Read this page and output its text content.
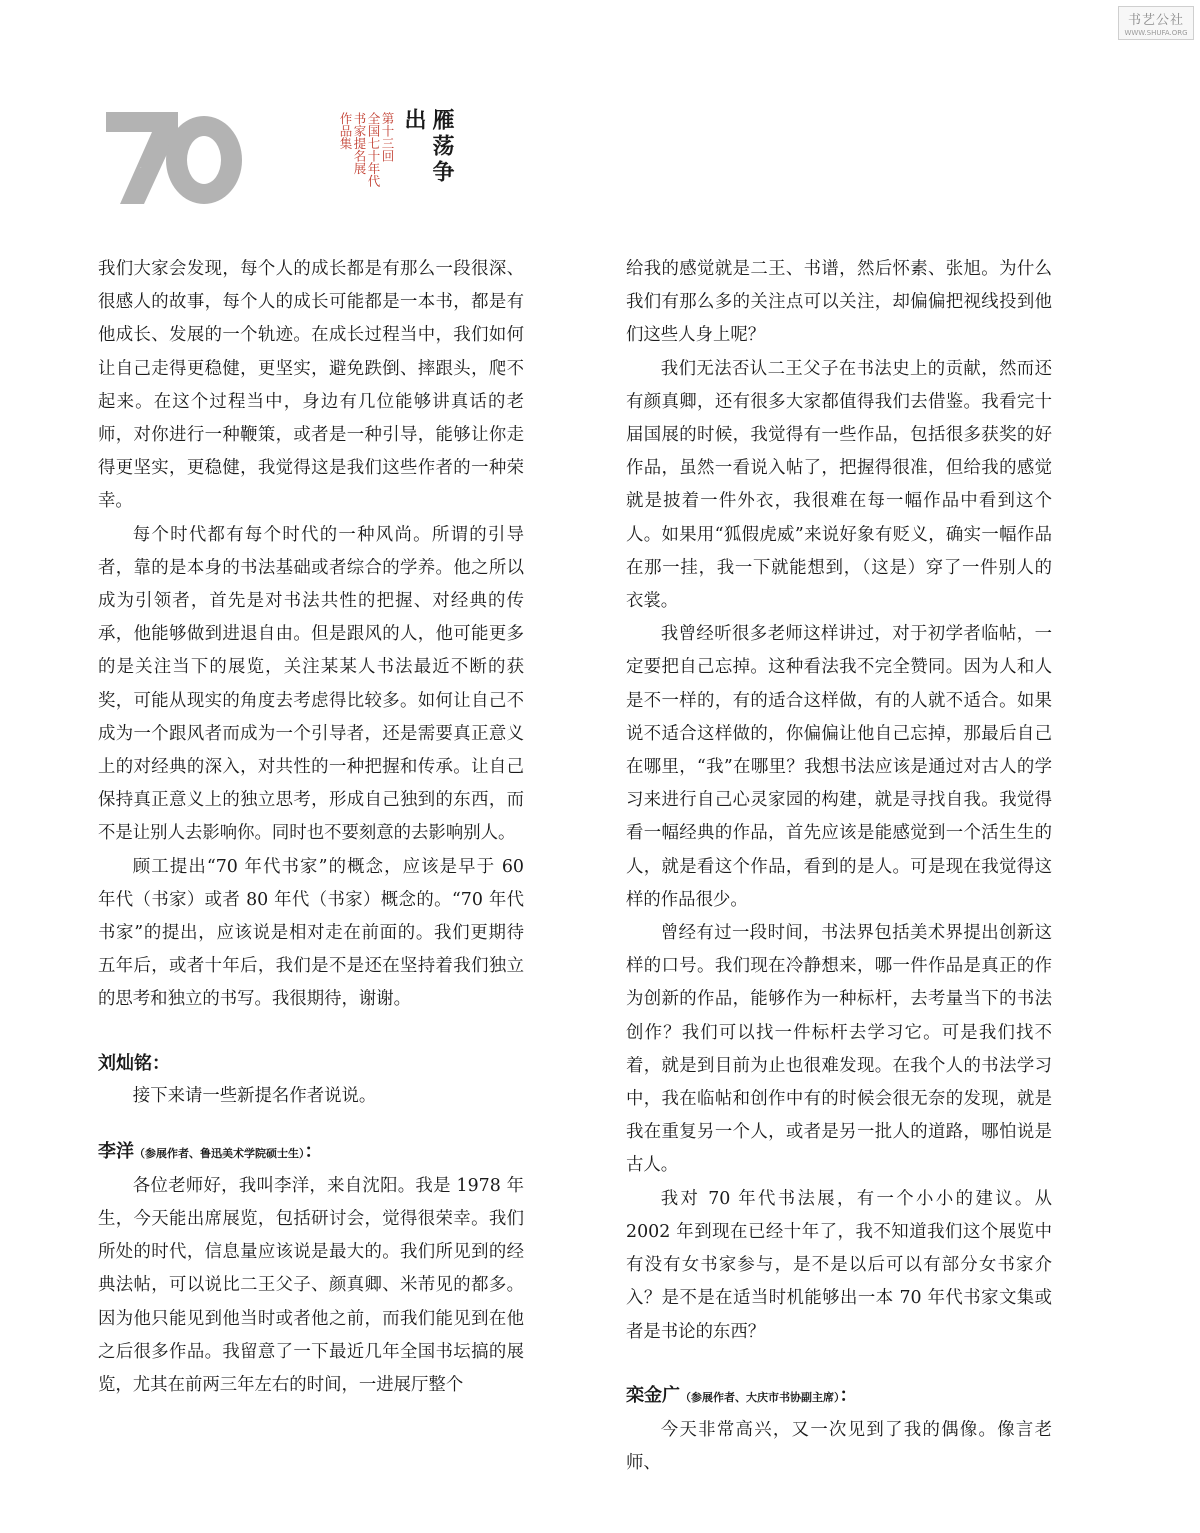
书艺公社
WWW.SHUFA.ORG
70
第十三回
全国七十年代
书家提名展
作品集	雁荡争出

我们大家会发现，每个人的成长都是有那么一段很深、很感人的故事，每个人的成长可能都是一本书，都是有他成长、发展的一个轨迹。在成长过程当中，我们如何让自己走得更稳健，更坚实，避免跌倒、摔跟头，爬不起来。在这个过程当中，身边有几位能够讲真话的老师，对你进行一种鞭策，或者是一种引导，能够让你走得更坚实，更稳健，我觉得这是我们这些作者的一种荣幸。

每个时代都有每个时代的一种风尚。所谓的引导者，靠的是本身的书法基础或者综合的学养。他之所以成为引领者，首先是对书法共性的把握、对经典的传承，他能够做到进退自由。但是跟风的人，他可能更多的是关注当下的展览，关注某某人书法最近不断的获奖，可能从现实的角度去考虑得比较多。如何让自己不成为一个跟风者而成为一个引导者，还是需要真正意义上的对经典的深入，对共性的一种把握和传承。让自己保持真正意义上的独立思考，形成自己独到的东西，而不是让别人去影响你。同时也不要刻意的去影响别人。

顾工提出“70 年代书家”的概念，应该是早于 60 年代（书家）或者 80 年代（书家）概念的。“70 年代书家”的提出，应该说是相对走在前面的。我们更期待五年后，或者十年后，我们是不是还在坚持着我们独立的思考和独立的书写。我很期待，谢谢。

刘灿铭：

接下来请一些新提名作者说说。

李洋（参展作者、鲁迅美术学院硕士生）：

各位老师好，我叫李洋，来自沈阳。我是 1978 年生，今天能出席展览，包括研讨会，觉得很荣幸。我们所处的时代，信息量应该说是最大的。我们所见到的经典法帖，可以说比二王父子、颜真卿、米芾见的都多。因为他只能见到他当时或者他之前，而我们能见到在他之后很多作品。我留意了一下最近几年全国书坛搞的展览，尤其在前两三年左右的时间，一进展厅整个

给我的感觉就是二王、书谱，然后怀素、张旭。为什么我们有那么多的关注点可以关注，却偏偏把视线投到他们这些人身上呢？

我们无法否认二王父子在书法史上的贡献，然而还有颜真卿，还有很多大家都值得我们去借鉴。我看完十届国展的时候，我觉得有一些作品，包括很多获奖的好作品，虽然一看说入帖了，把握得很准，但给我的感觉就是披着一件外衣，我很难在每一幅作品中看到这个人。如果用“狐假虎威”来说好象有贬义，确实一幅作品在那一挂，我一下就能想到，（这是）穿了一件别人的衣裳。

我曾经听很多老师这样讲过，对于初学者临帖，一定要把自己忘掉。这种看法我不完全赞同。因为人和人是不一样的，有的适合这样做，有的人就不适合。如果说不适合这样做的，你偏偏让他自己忘掉，那最后自己在哪里，“我”在哪里？我想书法应该是通过对古人的学习来进行自己心灵家园的构建，就是寻找自我。我觉得看一幅经典的作品，首先应该是能感觉到一个活生生的人，就是看这个作品，看到的是人。可是现在我觉得这样的作品很少。

曾经有过一段时间，书法界包括美术界提出创新这样的口号。我们现在冷静想来，哪一件作品是真正的作为创新的作品，能够作为一种标杆，去考量当下的书法创作？我们可以找一件标杆去学习它。可是我们找不着，就是到目前为止也很难发现。在我个人的书法学习中，我在临帖和创作中有的时候会很无奈的发现，就是我在重复另一个人，或者是另一批人的道路，哪怕说是古人。

我对 70 年代书法展，有一个小小的建议。从 2002 年到现在已经十年了，我不知道我们这个展览中有没有女书家参与，是不是以后可以有部分女书家介入？是不是在适当时机能够出一本 70 年代书家文集或者是书论的东西？

栾金广（参展作者、大庆市书协副主席）：

今天非常高兴，又一次见到了我的偶像。像言老师、
